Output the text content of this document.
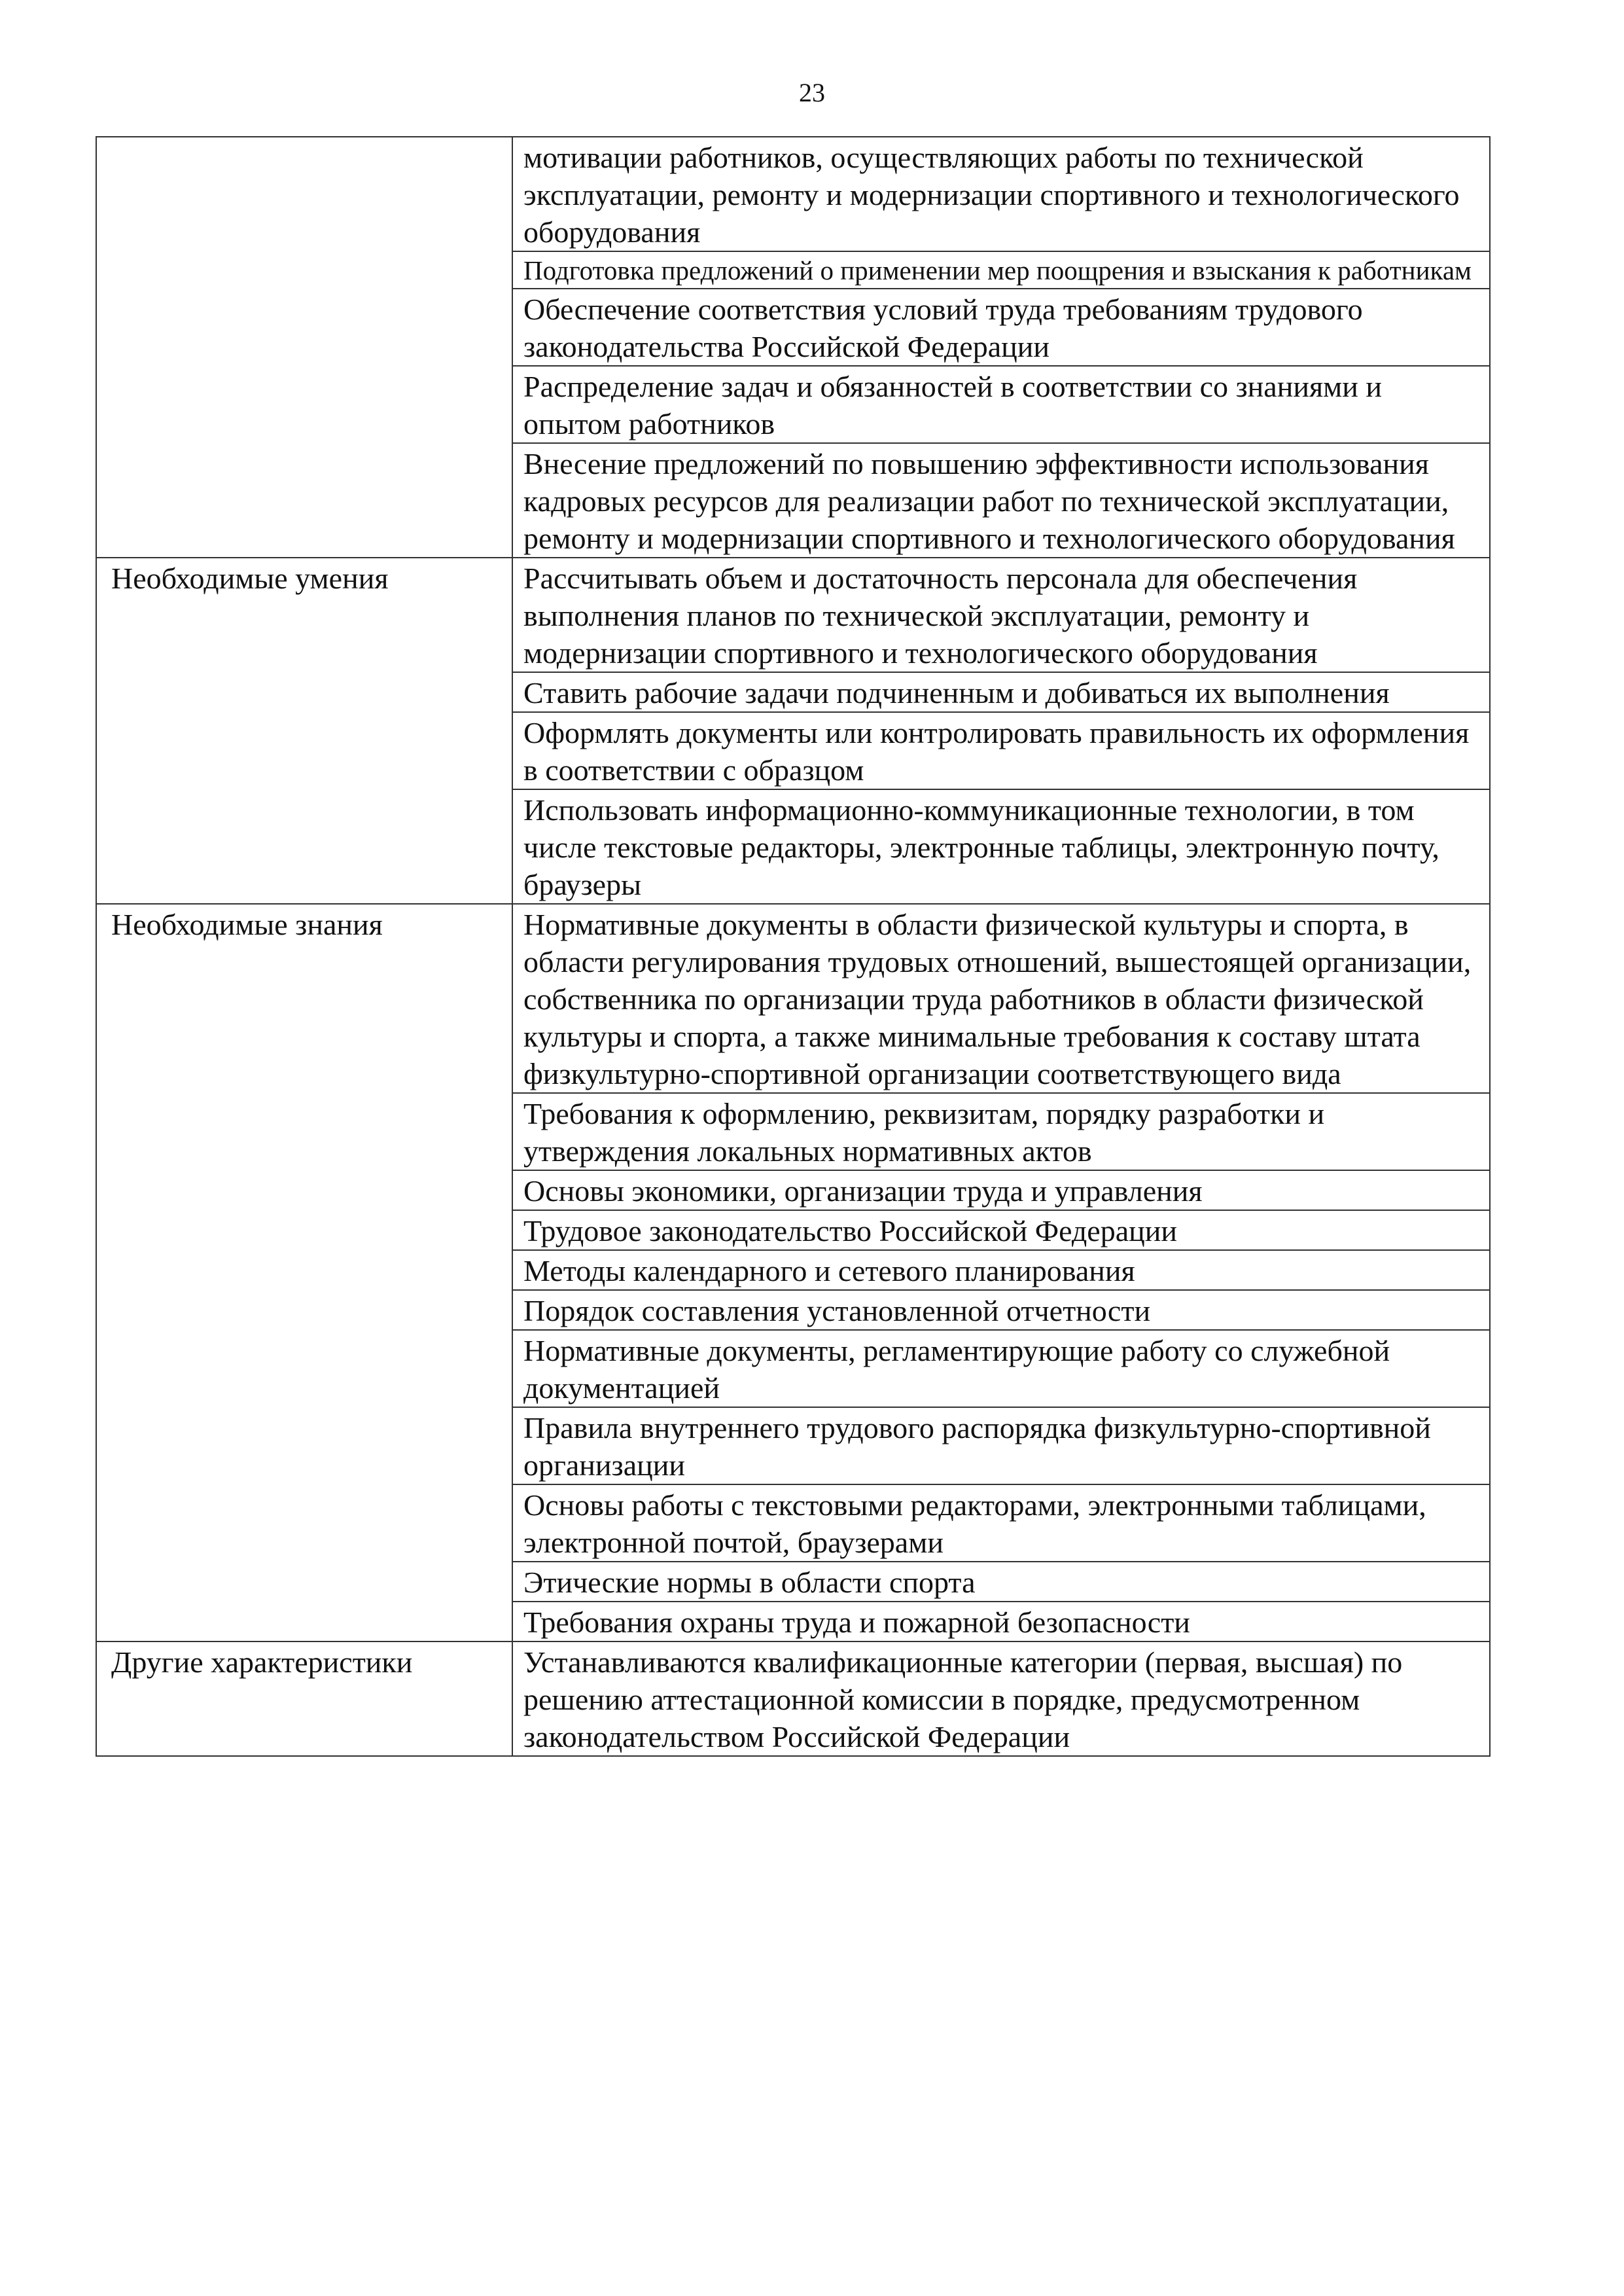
23
	мотивации работников, осуществляющих работы по технической эксплуатации, ремонту и модернизации спортивного и технологического оборудования
	Подготовка предложений о применении мер поощрения и взыскания к работникам
	Обеспечение соответствия условий труда требованиям трудового законодательства Российской Федерации
	Распределение задач и обязанностей в соответствии со знаниями и опытом работников
	Внесение предложений по повышению эффективности использования кадровых ресурсов для реализации работ по технической эксплуатации, ремонту и модернизации спортивного и технологического оборудования
Необходимые умения	Рассчитывать объем и достаточность персонала для обеспечения выполнения планов по технической эксплуатации, ремонту и модернизации спортивного и технологического оборудования
	Ставить рабочие задачи подчиненным и добиваться их выполнения
	Оформлять документы или контролировать правильность их оформления в соответствии с образцом
	Использовать информационно-коммуникационные технологии, в том числе текстовые редакторы, электронные таблицы, электронную почту, браузеры
Необходимые знания	Нормативные документы в области физической культуры и спорта, в области регулирования трудовых отношений, вышестоящей организации, собственника по организации труда работников в области физической культуры и спорта, а также минимальные требования к составу штата физкультурно-спортивной организации соответствующего вида
	Требования к оформлению, реквизитам, порядку разработки и утверждения локальных нормативных актов
	Основы экономики, организации труда и управления
	Трудовое законодательство Российской Федерации
	Методы календарного и сетевого планирования
	Порядок составления установленной отчетности
	Нормативные документы, регламентирующие работу со служебной документацией
	Правила внутреннего трудового распорядка физкультурно-спортивной организации
	Основы работы с текстовыми редакторами, электронными таблицами, электронной почтой, браузерами
	Этические нормы в области спорта
	Требования охраны труда и пожарной безопасности
Другие характеристики	Устанавливаются квалификационные категории (первая, высшая) по решению аттестационной комиссии в порядке, предусмотренном законодательством Российской Федерации
